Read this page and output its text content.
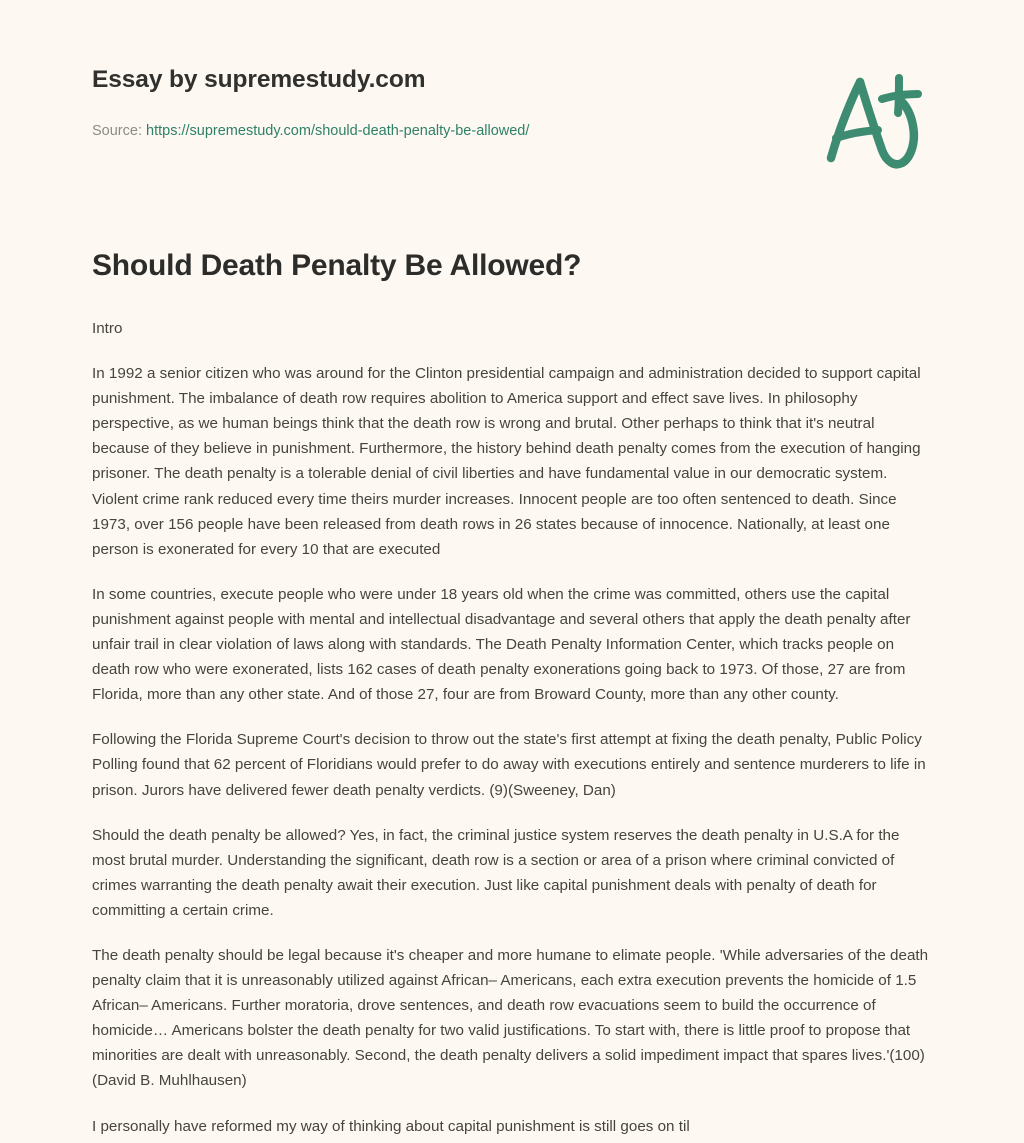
Essay by supremestudy.com
Source: https://supremestudy.com/should-death-penalty-be-allowed/
Should Death Penalty Be Allowed?

Intro

In 1992 a senior citizen who was around for the Clinton presidential campaign and administration decided to support capital punishment. The imbalance of death row requires abolition to America support and effect save lives. In philosophy perspective, as we human beings think that the death row is wrong and brutal. Other perhaps to think that it's neutral because of they believe in punishment. Furthermore, the history behind death penalty comes from the execution of hanging prisoner. The death penalty is a tolerable denial of civil liberties and have fundamental value in our democratic system. Violent crime rank reduced every time theirs murder increases. Innocent people are too often sentenced to death. Since 1973, over 156 people have been released from death rows in 26 states because of innocence. Nationally, at least one person is exonerated for every 10 that are executed

In some countries, execute people who were under 18 years old when the crime was committed, others use the capital punishment against people with mental and intellectual disadvantage and several others that apply the death penalty after unfair trail in clear violation of laws along with standards. The Death Penalty Information Center, which tracks people on death row who were exonerated, lists 162 cases of death penalty exonerations going back to 1973. Of those, 27 are from Florida, more than any other state. And of those 27, four are from Broward County, more than any other county.

Following the Florida Supreme Court's decision to throw out the state's first attempt at fixing the death penalty, Public Policy Polling found that 62 percent of Floridians would prefer to do away with executions entirely and sentence murderers to life in prison. Jurors have delivered fewer death penalty verdicts. (9)(Sweeney, Dan)

Should the death penalty be allowed? Yes, in fact, the criminal justice system reserves the death penalty in U.S.A for the most brutal murder. Understanding the significant, death row is a section or area of a prison where criminal convicted of crimes warranting the death penalty await their execution. Just like capital punishment deals with penalty of death for committing a certain crime.

The death penalty should be legal because it's cheaper and more humane to elimate people. 'While adversaries of the death penalty claim that it is unreasonably utilized against African– Americans, each extra execution prevents the homicide of 1.5 African– Americans. Further moratoria, drove sentences, and death row evacuations seem to build the occurrence of homicide… Americans bolster the death penalty for two valid justifications. To start with, there is little proof to propose that minorities are dealt with unreasonably. Second, the death penalty delivers a solid impediment impact that spares lives.'(100)(David B. Muhlhausen)

I personally have reformed my way of thinking about capital punishment is still goes on til
